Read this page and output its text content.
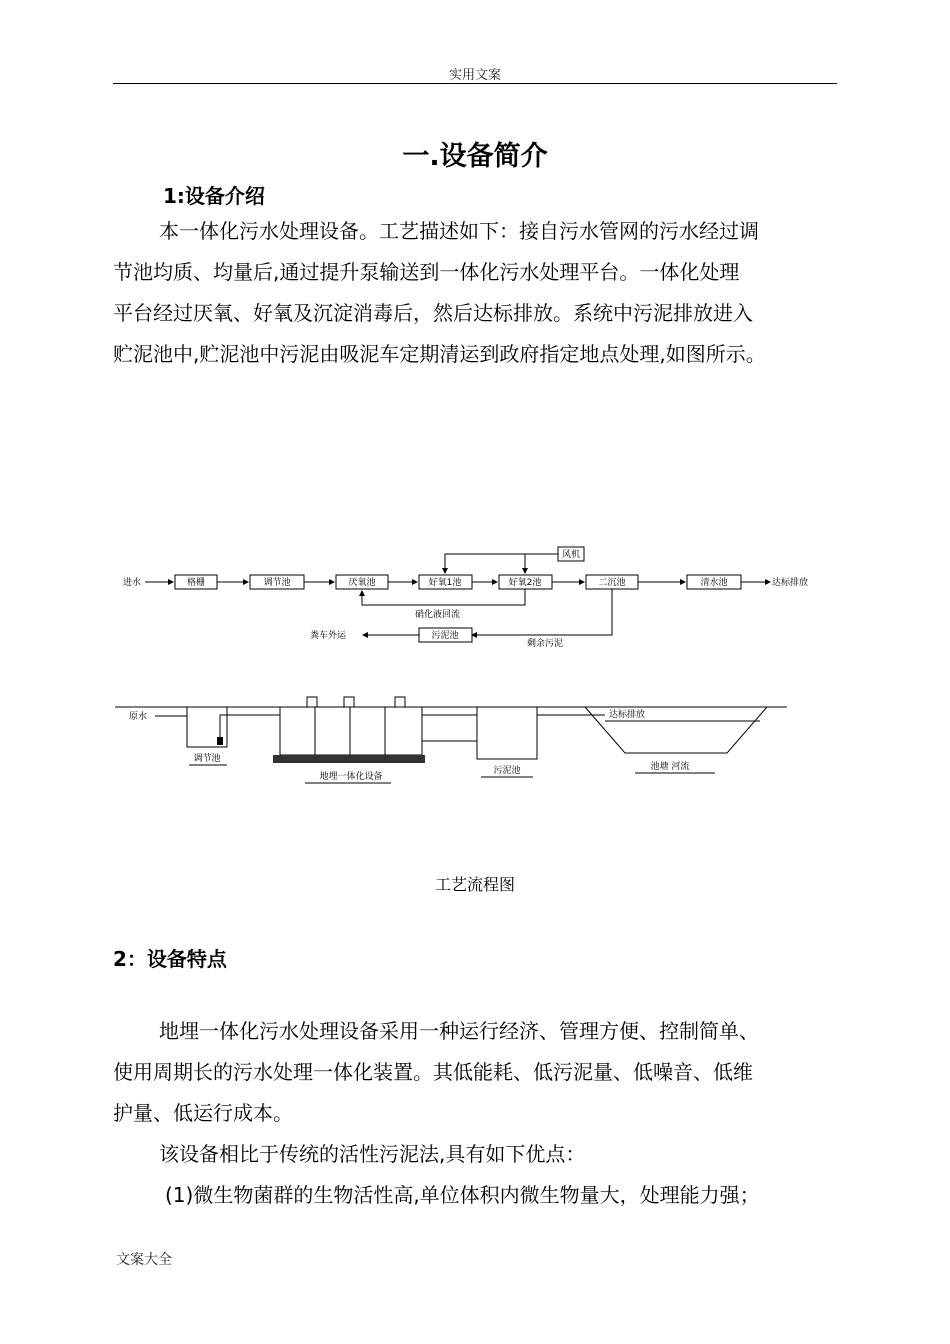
实用文案
一.设备简介
1:设备介绍
本一体化污水处理设备。工艺描述如下：接自污水管网的污水经过调
节池均质、均量后,通过提升泵输送到一体化污水处理平台。一体化处理
平台经过厌氧、好氧及沉淀消毒后，然后达标排放。系统中污泥排放进入
贮泥池中,贮泥池中污泥由吸泥车定期清运到政府指定地点处理,如图所示。
进水	格栅	调节池	厌氧池	好氧1池	好氧2池	二沉池	清水池	达标排放
风机
硝化液回流
污泥池
剩余污泥
粪车外运
原水
调节池
地埋一体化设备
污泥池
达标排放
池塘 河流
工艺流程图
2：设备特点
地埋一体化污水处理设备采用一种运行经济、管理方便、控制简单、
使用周期长的污水处理一体化装置。其低能耗、低污泥量、低噪音、低维
护量、低运行成本。
该设备相比于传统的活性污泥法,具有如下优点：
(1)微生物菌群的生物活性高,单位体积内微生物量大，处理能力强；
文案大全
